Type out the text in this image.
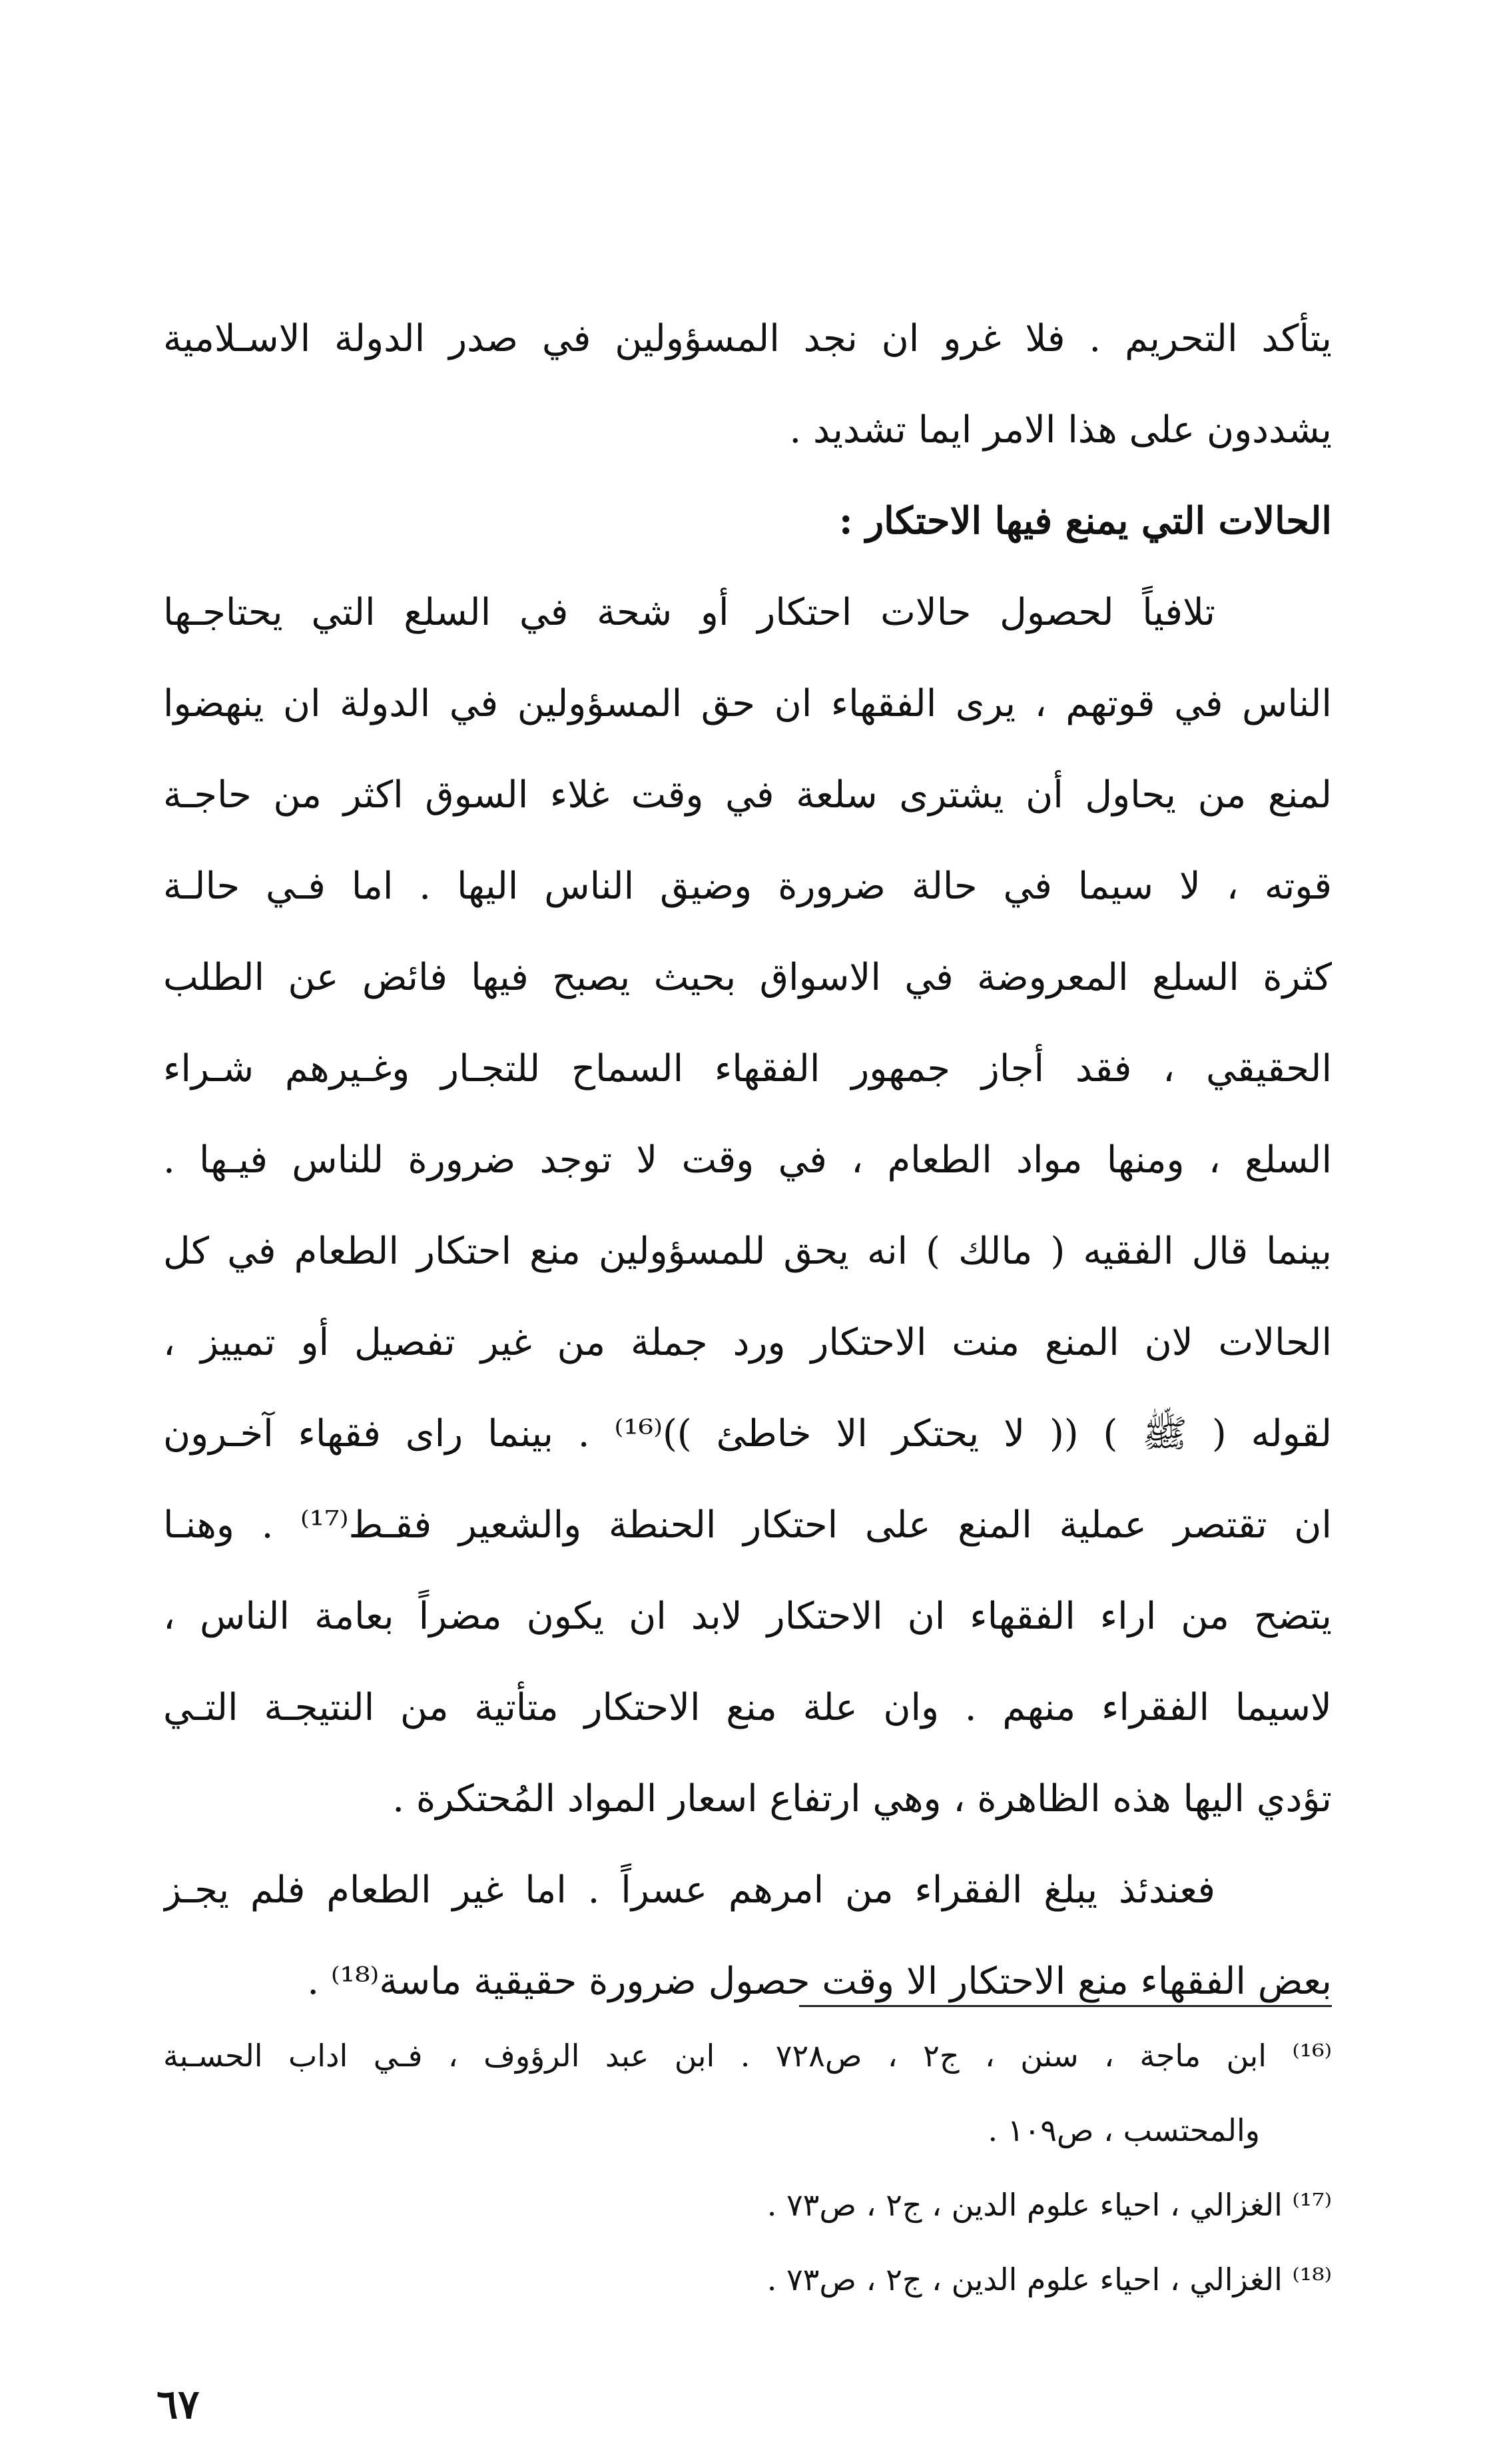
يتأكد التحريم . فلا غرو ان نجد المسؤولين في صدر الدولة الاسـلامية
يشددون على هذا الامر ايما تشديد .
الحالات التي يمنع فيها الاحتكار :
تلافياً لحصول حالات احتكار أو شحة في السلع التي يحتاجـها
الناس في قوتهم ، يرى الفقهاء ان حق المسؤولين في الدولة ان ينهضوا
لمنع من يحاول أن يشترى سلعة في وقت غلاء السوق اكثر من حاجـة
قوته ، لا سيما في حالة ضرورة وضيق الناس اليها . اما فـي حالـة
كثرة السلع المعروضة في الاسواق بحيث يصبح فيها فائض عن الطلب
الحقيقي ، فقد أجاز جمهور الفقهاء السماح للتجـار وغـيرهم شـراء
السلع ، ومنها مواد الطعام ، في وقت لا توجد ضرورة للناس فيـها .
بينما قال الفقيه ( مالك ) انه يحق للمسؤولين منع احتكار الطعام في كل
الحالات لان المنع منت الاحتكار ورد جملة من غير تفصيل أو تمييز ،
لقوله ( ﷺ ) (( لا يحتكر الا خاطئ ))⁽¹⁶⁾ . بينما راى فقهاء آخـرون
ان تقتصر عملية المنع على احتكار الحنطة والشعير فقـط⁽¹⁷⁾ . وهنـا
يتضح من اراء الفقهاء ان الاحتكار لابد ان يكون مضراً بعامة الناس ،
لاسيما الفقراء منهم . وان علة منع الاحتكار متأتية من النتيجـة التـي
تؤدي اليها هذه الظاهرة ، وهي ارتفاع اسعار المواد المُحتكرة .
فعندئذ يبلغ الفقراء من امرهم عسراً . اما غير الطعام فلم يجـز
بعض الفقهاء منع الاحتكار الا وقت حصول ضرورة حقيقية ماسة⁽¹⁸⁾ .
⁽¹⁶⁾ ابن ماجة ، سنن ، ج٢ ، ص٧٢٨ . ابن عبد الرؤوف ، فـي اداب الحسـبة
والمحتسب ، ص١٠٩ .
⁽¹⁷⁾ الغزالي ، احياء علوم الدين ، ج٢ ، ص٧٣ .
⁽¹⁸⁾ الغزالي ، احياء علوم الدين ، ج٢ ، ص٧٣ .
٦٧
